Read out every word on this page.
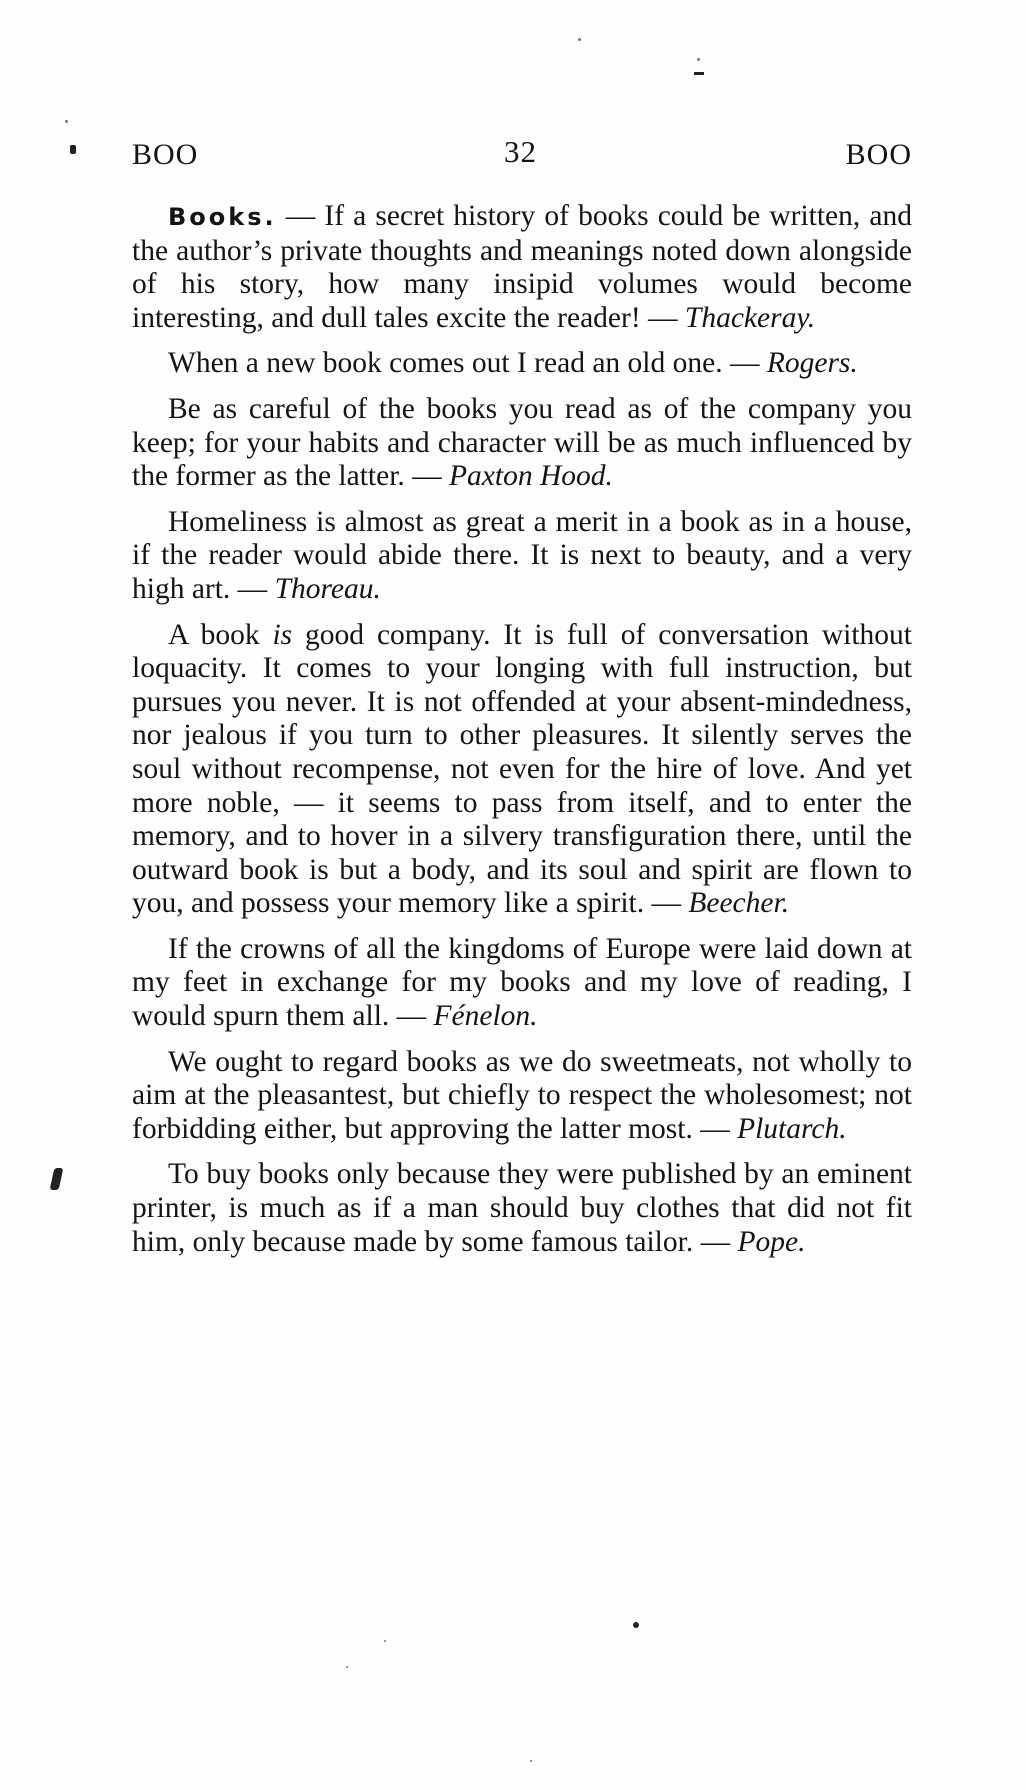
BOO	32	BOO

Books. — If a secret history of books could be written, and the author’s private thoughts and meanings noted down alongside of his story, how many insipid volumes would become interesting, and dull tales excite the reader! — Thackeray.

When a new book comes out I read an old one. — Rogers.

Be as careful of the books you read as of the company you keep; for your habits and character will be as much influenced by the former as the latter. — Paxton Hood.

Homeliness is almost as great a merit in a book as in a house, if the reader would abide there. It is next to beauty, and a very high art. — Thoreau.

A book is good company. It is full of conversation without loquacity. It comes to your longing with full instruction, but pursues you never. It is not offended at your absent-mindedness, nor jealous if you turn to other pleasures. It silently serves the soul without recompense, not even for the hire of love. And yet more noble, — it seems to pass from itself, and to enter the memory, and to hover in a silvery transfiguration there, until the outward book is but a body, and its soul and spirit are flown to you, and possess your memory like a spirit. — Beecher.

If the crowns of all the kingdoms of Europe were laid down at my feet in exchange for my books and my love of reading, I would spurn them all. — Fénelon.

We ought to regard books as we do sweetmeats, not wholly to aim at the pleasantest, but chiefly to respect the wholesomest; not forbidding either, but approving the latter most. — Plutarch.

To buy books only because they were published by an eminent printer, is much as if a man should buy clothes that did not fit him, only because made by some famous tailor. — Pope.
